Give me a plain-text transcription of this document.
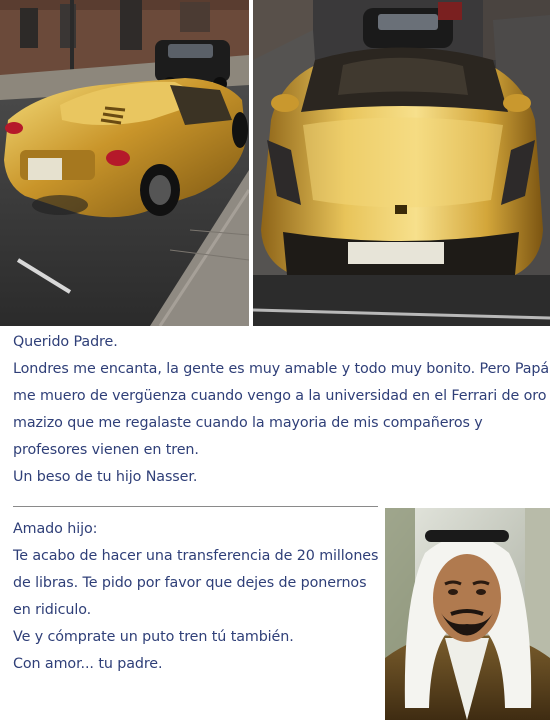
Querido Padre.
Londres me encanta, la gente es muy amable y todo muy bonito. Pero Papá
me muero de vergüenza cuando vengo a la universidad en el Ferrari de oro
mazizo que me regalaste cuando la mayoria de mis compañeros y
profesores vienen en tren.
Un beso de tu hijo Nasser.
Amado hijo:
Te acabo de hacer una transferencia de 20 millones
de libras. Te pido por favor que dejes de ponernos
en ridiculo.
Ve y cómprate un puto tren tú también.
Con amor... tu padre.
